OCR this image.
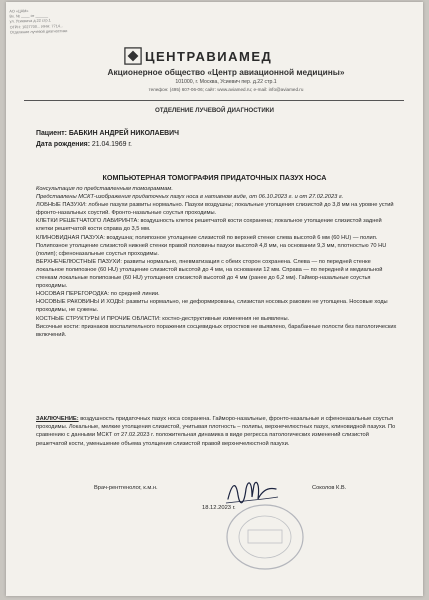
АО «ЦАМ»
Вх. № ____ от ______
ул. Усиевича д.22 стр.1
ОГРН: 1027700... ИНН: 7714...
Отделение лучевой диагностики
ЦЕНТРАВИАМЕД
Акционерное общество «Центр авиационной медицины»
101000, г. Москва, Усиевич пер. д.22 стр.1
телефон: (495) 607-06-06; сайт: www.aviamed.ru; e-mail: info@aviamed.ru
ОТДЕЛЕНИЕ ЛУЧЕВОЙ ДИАГНОСТИКИ
Пациент: БАБКИН АНДРЕЙ НИКОЛАЕВИЧ
Дата рождения: 21.04.1969 г.
КОМПЬЮТЕРНАЯ ТОМОГРАФИЯ ПРИДАТОЧНЫХ ПАЗУХ НОСА

Консультация по представленным томограммам.

Представлены МСКТ-изображения придаточных пазух носа в нативном виде, от 06.10.2023 г. и от 27.02.2023 г.

ЛОБНЫЕ ПАЗУХИ: лобные пазухи развиты нормально. Пазухи воздушны; локальные утолщения слизистой до 3,8 мм на уровне устий фронто-назальных соустий. Фронто-назальные соустья проходимы.

КЛЕТКИ РЕШЕТЧАТОГО ЛАБИРИНТА: воздушность клеток решетчатой кости сохранена; локальное утолщение слизистой задней клетки решетчатой кости справа до 3,5 мм.

КЛИНОВИДНАЯ ПАЗУХА: воздушна; полипозное утолщение слизистой по верхней стенке слева высотой 6 мм (60 HU) — полип. Полипозное утолщение слизистой нижней стенки правой половины пазухи высотой 4,8 мм, на основании 9,3 мм, плотностью 70 HU (полип); сфеноназальные соустья проходимы.

ВЕРХНЕЧЕЛЮСТНЫЕ ПАЗУХИ: развиты нормально, пневматизация с обеих сторон сохранена. Слева — по передней стенке локальное полипозное (60 HU) утолщение слизистой высотой до 4 мм, на основании 12 мм. Справа — по передней и медиальной стенкам локальные полипозные (60 HU) утолщения слизистой высотой до 4 мм (ранее до 6,2 мм). Гаймор-назальные соустья проходимы.

НОСОВАЯ ПЕРЕГОРОДКА: по средней линии.

НОСОВЫЕ РАКОВИНЫ И ХОДЫ: развиты нормально, не деформированы, слизистая носовых раковин не утолщена. Носовые ходы проходимы, не сужены.

КОСТНЫЕ СТРУКТУРЫ И ПРОЧИЕ ОБЛАСТИ: костно-деструктивные изменения не выявлены.

Височные кости: признаков воспалительного поражения сосцевидных отростков не выявлено, барабанные полости без патологических включений.

ЗАКЛЮЧЕНИЕ: воздушность придаточных пазух носа сохранена. Гайморо-назальные, фронто-назальные и сфеноназальные соустья проходимы. Локальные, мелкие утолщения слизистой, учитывая плотность – полипы, верхнечелюстных пазух, клиновидной пазухи. По сравнению с данными МСКТ от 27.02.2023 г. положительная динамика в виде регресса патологических изменений слизистой решетчатой кости, уменьшение объема утолщения слизистой правой верхнечелюстной пазухи.
Врач-рентгенолог, к.м.н.	Соколов К.В.
18.12.2023 г.
